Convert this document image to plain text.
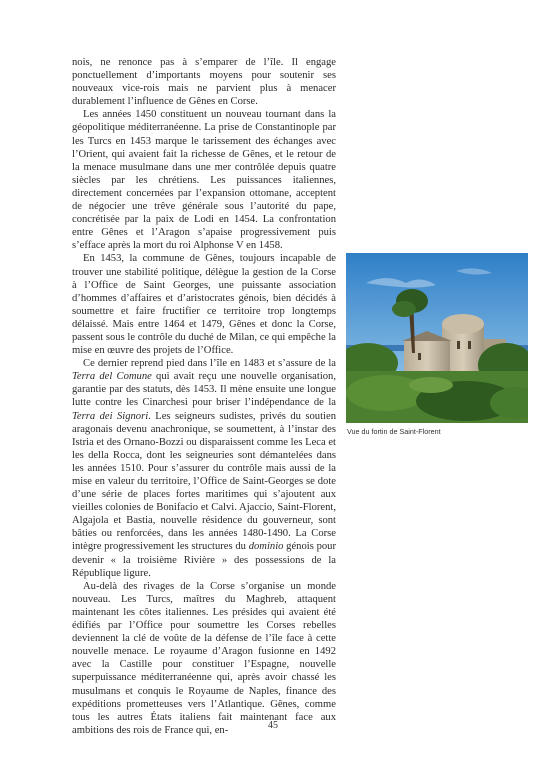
nois, ne renonce pas à s’emparer de l’île. Il engage ponctuellement d’importants moyens pour soutenir ses nouveaux vice-rois mais ne parvient plus à menacer durablement l’influence de Gênes en Corse.

Les années 1450 constituent un nouveau tournant dans la géopolitique méditerranéenne. La prise de Constantinople par les Turcs en 1453 marque le tarissement des échanges avec l’Orient, qui avaient fait la richesse de Gênes, et le retour de la menace musulmane dans une mer contrôlée depuis quatre siècles par les chrétiens. Les puissances italiennes, directement concernées par l’expansion ottomane, acceptent de négocier une trêve générale sous l’autorité du pape, concrétisée par la paix de Lodi en 1454. La confrontation entre Gênes et l’Aragon s’apaise progressivement puis s’efface après la mort du roi Alphonse V en 1458.

En 1453, la commune de Gênes, toujours incapable de trouver une stabilité politique, délègue la gestion de la Corse à l’Office de Saint Georges, une puissante association d’hommes d’affaires et d’aristocrates génois, bien décidés à soumettre et faire fructifier ce territoire trop longtemps délaissé. Mais entre 1464 et 1479, Gênes et donc la Corse, passent sous le contrôle du duché de Milan, ce qui empêche la mise en œuvre des projets de l’Office.

Ce dernier reprend pied dans l’île en 1483 et s’assure de la Terra del Comune qui avait reçu une nouvelle organisation, garantie par des statuts, dès 1453. Il mène ensuite une longue lutte contre les Cinarchesi pour briser l’indépendance de la Terra dei Signori. Les seigneurs sudistes, privés du soutien aragonais devenu anachronique, se soumettent, à l’instar des Istria et des Ornano-Bozzi ou disparaissent comme les Leca et les della Rocca, dont les seigneuries sont démantelées dans les années 1510. Pour s’assurer du contrôle mais aussi de la mise en valeur du territoire, l’Office de Saint-Georges se dote d’une série de places fortes maritimes qui s’ajoutent aux vieilles colonies de Bonifacio et Calvi. Ajaccio, Saint-Florent, Algajola et Bastia, nouvelle résidence du gouverneur, sont bâties ou renforcées, dans les années 1480-1490. La Corse intègre progressivement les structures du dominio génois pour devenir « la troisième Rivière » des possessions de la République ligure.

Au-delà des rivages de la Corse s’organise un monde nouveau. Les Turcs, maîtres du Maghreb, attaquent maintenant les côtes italiennes. Les présides qui avaient été édifiés par l’Office pour soumettre les Corses rebelles deviennent la clé de voûte de la défense de l’île face à cette nouvelle menace. Le royaume d’Aragon fusionne en 1492 avec la Castille pour constituer l’Espagne, nouvelle superpuissance méditerranéenne qui, après avoir chassé les musulmans et conquis le Royaume de Naples, finance des expéditions prometteuses vers l’Atlantique. Gênes, comme tous les autres États italiens fait maintenant face aux ambitions des rois de France qui, en-

Vue du fortin de Saint-Florent
45
